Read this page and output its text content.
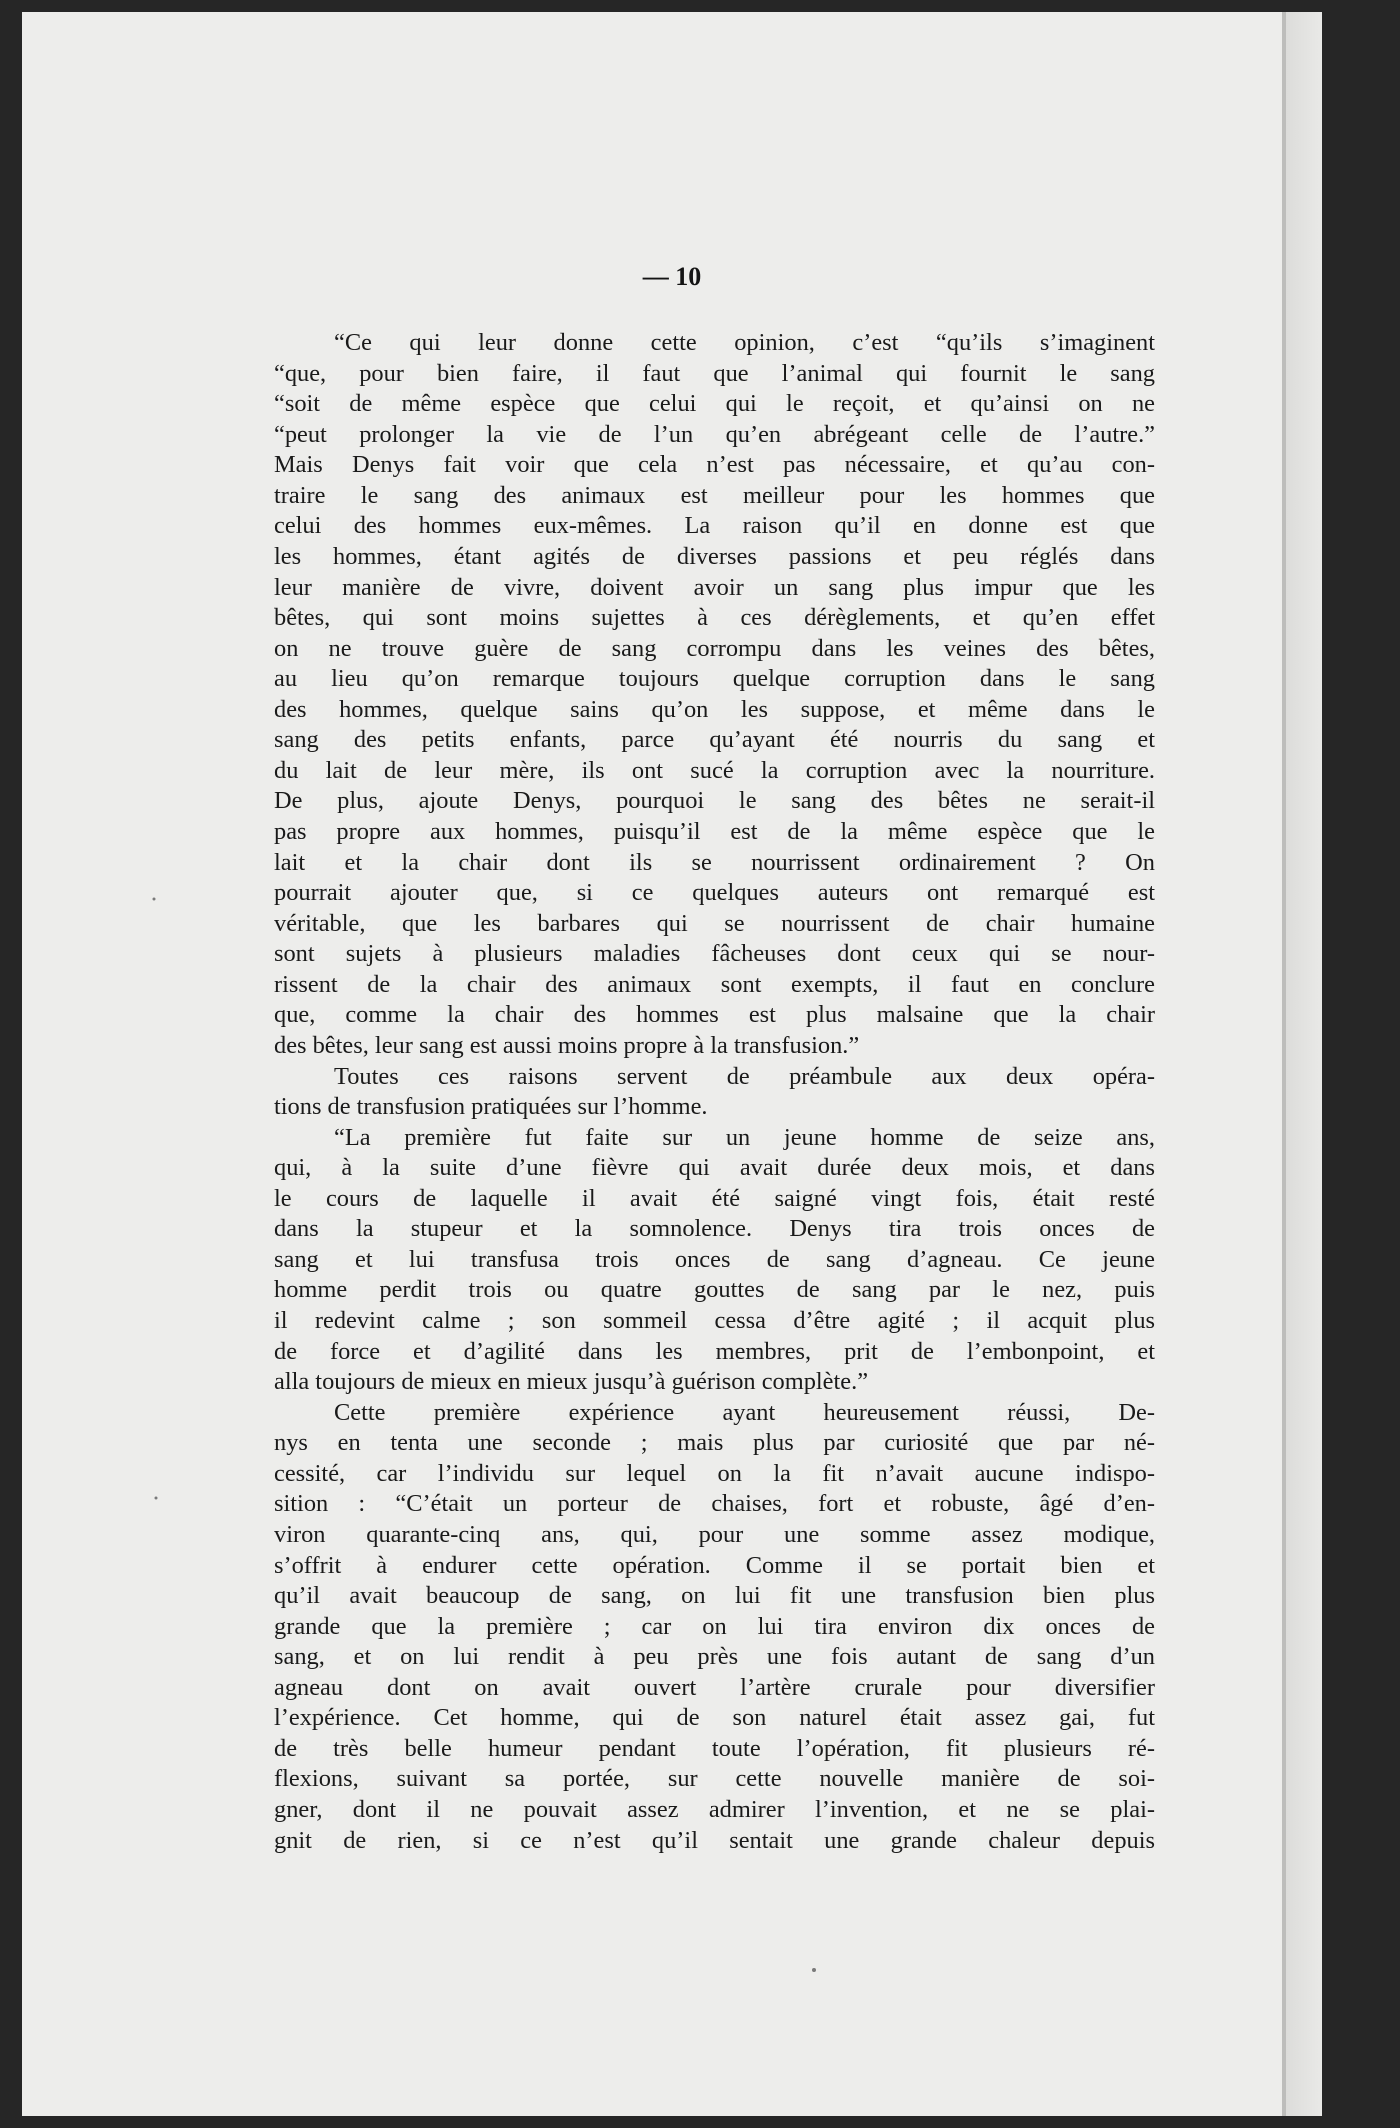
— 10
“Ce qui leur donne cette opinion, c’est “qu’ils s’imaginent
“que, pour bien faire, il faut que l’animal qui fournit le sang
“soit de même espèce que celui qui le reçoit, et qu’ainsi on ne
“peut prolonger la vie de l’un qu’en abrégeant celle de l’autre.”
Mais Denys fait voir que cela n’est pas nécessaire, et qu’au con-
traire le sang des animaux est meilleur pour les hommes que
celui des hommes eux-mêmes. La raison qu’il en donne est que
les hommes, étant agités de diverses passions et peu réglés dans
leur manière de vivre, doivent avoir un sang plus impur que les
bêtes, qui sont moins sujettes à ces dérèglements, et qu’en effet
on ne trouve guère de sang corrompu dans les veines des bêtes,
au lieu qu’on remarque toujours quelque corruption dans le sang
des hommes, quelque sains qu’on les suppose, et même dans le
sang des petits enfants, parce qu’ayant été nourris du sang et
du lait de leur mère, ils ont sucé la corruption avec la nourriture.
De plus, ajoute Denys, pourquoi le sang des bêtes ne serait-il
pas propre aux hommes, puisqu’il est de la même espèce que le
lait et la chair dont ils se nourrissent ordinairement ? On
pourrait ajouter que, si ce quelques auteurs ont remarqué est
véritable, que les barbares qui se nourrissent de chair humaine
sont sujets à plusieurs maladies fâcheuses dont ceux qui se nour-
rissent de la chair des animaux sont exempts, il faut en conclure
que, comme la chair des hommes est plus malsaine que la chair
des bêtes, leur sang est aussi moins propre à la transfusion.”
Toutes ces raisons servent de préambule aux deux opéra-
tions de transfusion pratiquées sur l’homme.
“La première fut faite sur un jeune homme de seize ans,
qui, à la suite d’une fièvre qui avait durée deux mois, et dans
le cours de laquelle il avait été saigné vingt fois, était resté
dans la stupeur et la somnolence. Denys tira trois onces de
sang et lui transfusa trois onces de sang d’agneau. Ce jeune
homme perdit trois ou quatre gouttes de sang par le nez, puis
il redevint calme ; son sommeil cessa d’être agité ; il acquit plus
de force et d’agilité dans les membres, prit de l’embonpoint, et
alla toujours de mieux en mieux jusqu’à guérison complète.”
Cette première expérience ayant heureusement réussi, De-
nys en tenta une seconde ; mais plus par curiosité que par né-
cessité, car l’individu sur lequel on la fit n’avait aucune indispo-
sition : “C’était un porteur de chaises, fort et robuste, âgé d’en-
viron quarante-cinq ans, qui, pour une somme assez modique,
s’offrit à endurer cette opération. Comme il se portait bien et
qu’il avait beaucoup de sang, on lui fit une transfusion bien plus
grande que la première ; car on lui tira environ dix onces de
sang, et on lui rendit à peu près une fois autant de sang d’un
agneau dont on avait ouvert l’artère crurale pour diversifier
l’expérience. Cet homme, qui de son naturel était assez gai, fut
de très belle humeur pendant toute l’opération, fit plusieurs ré-
flexions, suivant sa portée, sur cette nouvelle manière de soi-
gner, dont il ne pouvait assez admirer l’invention, et ne se plai-
gnit de rien, si ce n’est qu’il sentait une grande chaleur depuis
